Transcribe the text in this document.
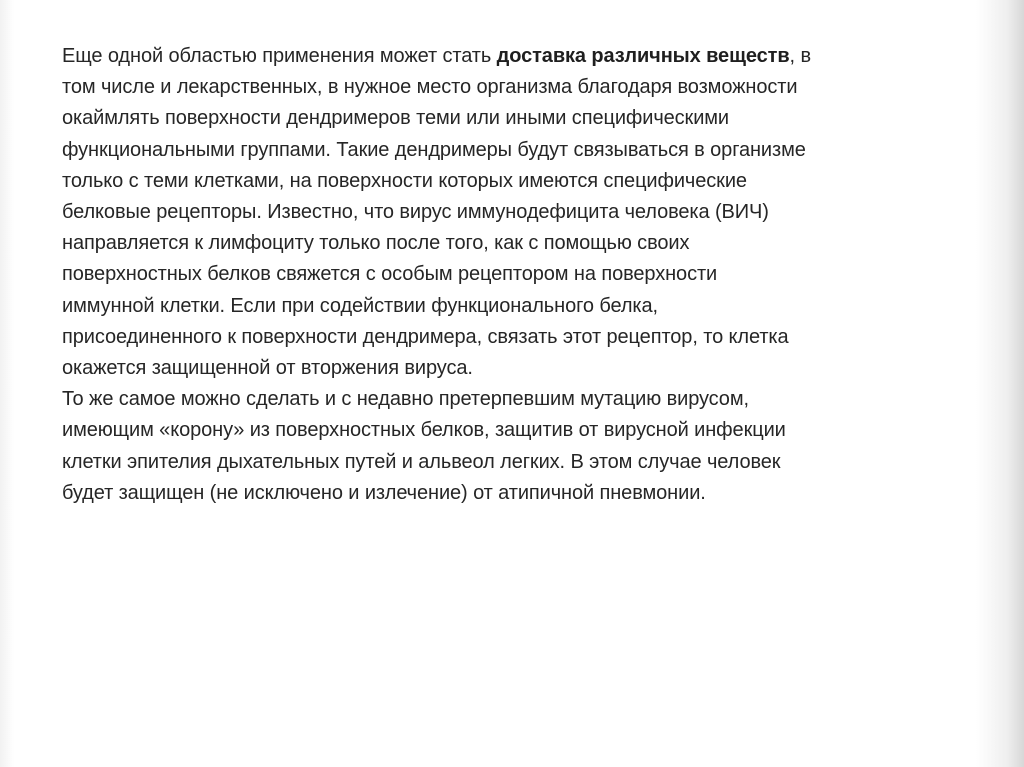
Еще одной областью применения может стать доставка различных веществ, в
том числе и лекарственных, в нужное место организма благодаря возможности
окаймлять поверхности дендримеров теми или иными специфическими
функциональными группами. Такие дендримеры будут связываться в организме
только с теми клетками, на поверхности которых имеются специфические
белковые рецепторы. Известно, что вирус иммунодефицита человека (ВИЧ)
направляется к лимфоциту только после того, как с помощью своих
поверхностных белков свяжется с особым рецептором на поверхности
иммунной клетки. Если при содействии функционального белка,
присоединенного к поверхности дендримера, связать этот рецептор, то клетка
окажется защищенной от вторжения вируса.
То же самое можно сделать и с недавно претерпевшим мутацию вирусом,
имеющим «корону» из поверхностных белков, защитив от вирусной инфекции
клетки эпителия дыхательных путей и альвеол легких. В этом случае человек
будет защищен (не исключено и излечение) от атипичной пневмонии.
